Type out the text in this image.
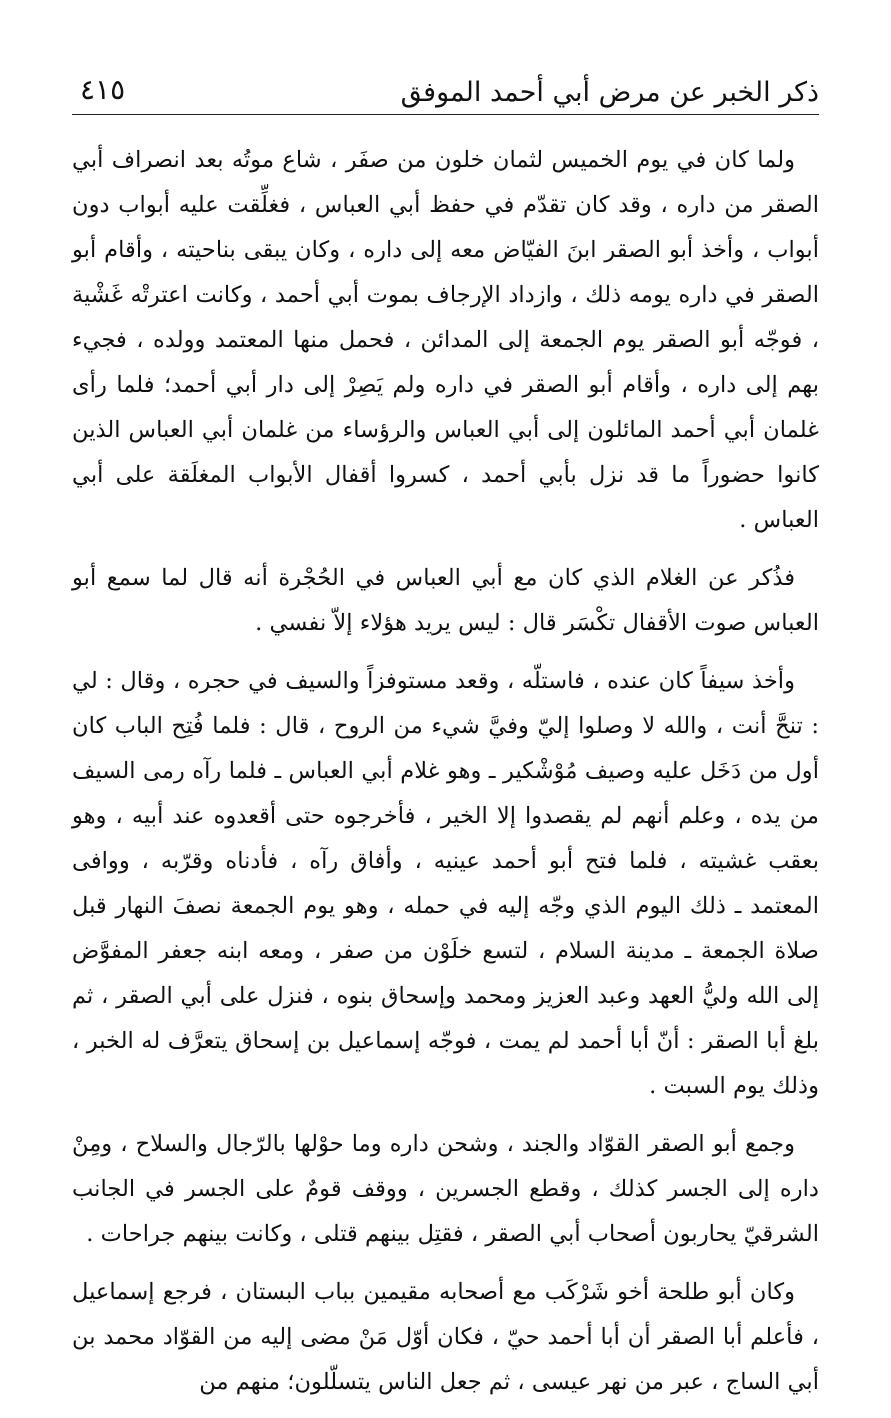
ذكر الخبر عن مرض أبي أحمد الموفق
٤١٥

ولما كان في يوم الخميس لثمان خلون من صفَر ، شاع موتُه بعد انصراف أبي الصقر من داره ، وقد كان تقدّم في حفظ أبي العباس ، فغلِّقت عليه أبواب دون أبواب ، وأخذ أبو الصقر ابنَ الفيّاض معه إلى داره ، وكان يبقى بناحيته ، وأقام أبو الصقر في داره يومه ذلك ، وازداد الإرجاف بموت أبي أحمد ، وكانت اعترتْه غَشْية ، فوجّه أبو الصقر يوم الجمعة إلى المدائن ، فحمل منها المعتمد وولده ، فجيء بهم إلى داره ، وأقام أبو الصقر في داره ولم يَصِرْ إلى دار أبي أحمد؛ فلما رأى غلمان أبي أحمد المائلون إلى أبي العباس والرؤساء من غلمان أبي العباس الذين كانوا حضوراً ما قد نزل بأبي أحمد ، كسروا أقفال الأبواب المغلَقة على أبي العباس .

فذُكر عن الغلام الذي كان مع أبي العباس في الحُجْرة أنه قال لما سمع أبو العباس صوت الأقفال تكْسَر قال : ليس يريد هؤلاء إلاّ نفسي .

وأخذ سيفاً كان عنده ، فاستلّه ، وقعد مستوفزاً والسيف في حجره ، وقال : لي : تنحَّ أنت ، والله لا وصلوا إليّ وفيَّ شيء من الروح ، قال : فلما فُتِح الباب كان أول من دَخَل عليه وصيف مُوْشْكير ـ وهو غلام أبي العباس ـ فلما رآه رمى السيف من يده ، وعلم أنهم لم يقصدوا إلا الخير ، فأخرجوه حتى أقعدوه عند أبيه ، وهو بعقب غشيته ، فلما فتح أبو أحمد عينيه ، وأفاق رآه ، فأدناه وقرّبه ، ووافى المعتمد ـ ذلك اليوم الذي وجّه إليه في حمله ، وهو يوم الجمعة نصفَ النهار قبل صلاة الجمعة ـ مدينة السلام ، لتسع خلَوْن من صفر ، ومعه ابنه جعفر المفوَّض إلى الله وليُّ العهد وعبد العزيز ومحمد وإسحاق بنوه ، فنزل على أبي الصقر ، ثم بلغ أبا الصقر : أنّ أبا أحمد لم يمت ، فوجّه إسماعيل بن إسحاق يتعرَّف له الخبر ، وذلك يوم السبت .

وجمع أبو الصقر القوّاد والجند ، وشحن داره وما حوْلها بالرّجال والسلاح ، ومِنْ داره إلى الجسر كذلك ، وقطع الجسرين ، ووقف قومٌ على الجسر في الجانب الشرقيّ يحاربون أصحاب أبي الصقر ، فقتِل بينهم قتلى ، وكانت بينهم جراحات .

وكان أبو طلحة أخو شَرْكَب مع أصحابه مقيمين بباب البستان ، فرجع إسماعيل ، فأعلم أبا الصقر أن أبا أحمد حيّ ، فكان أوّل مَنْ مضى إليه من القوّاد محمد بن أبي الساج ، عبر من نهر عيسى ، ثم جعل الناس يتسلّلون؛ منهم من
